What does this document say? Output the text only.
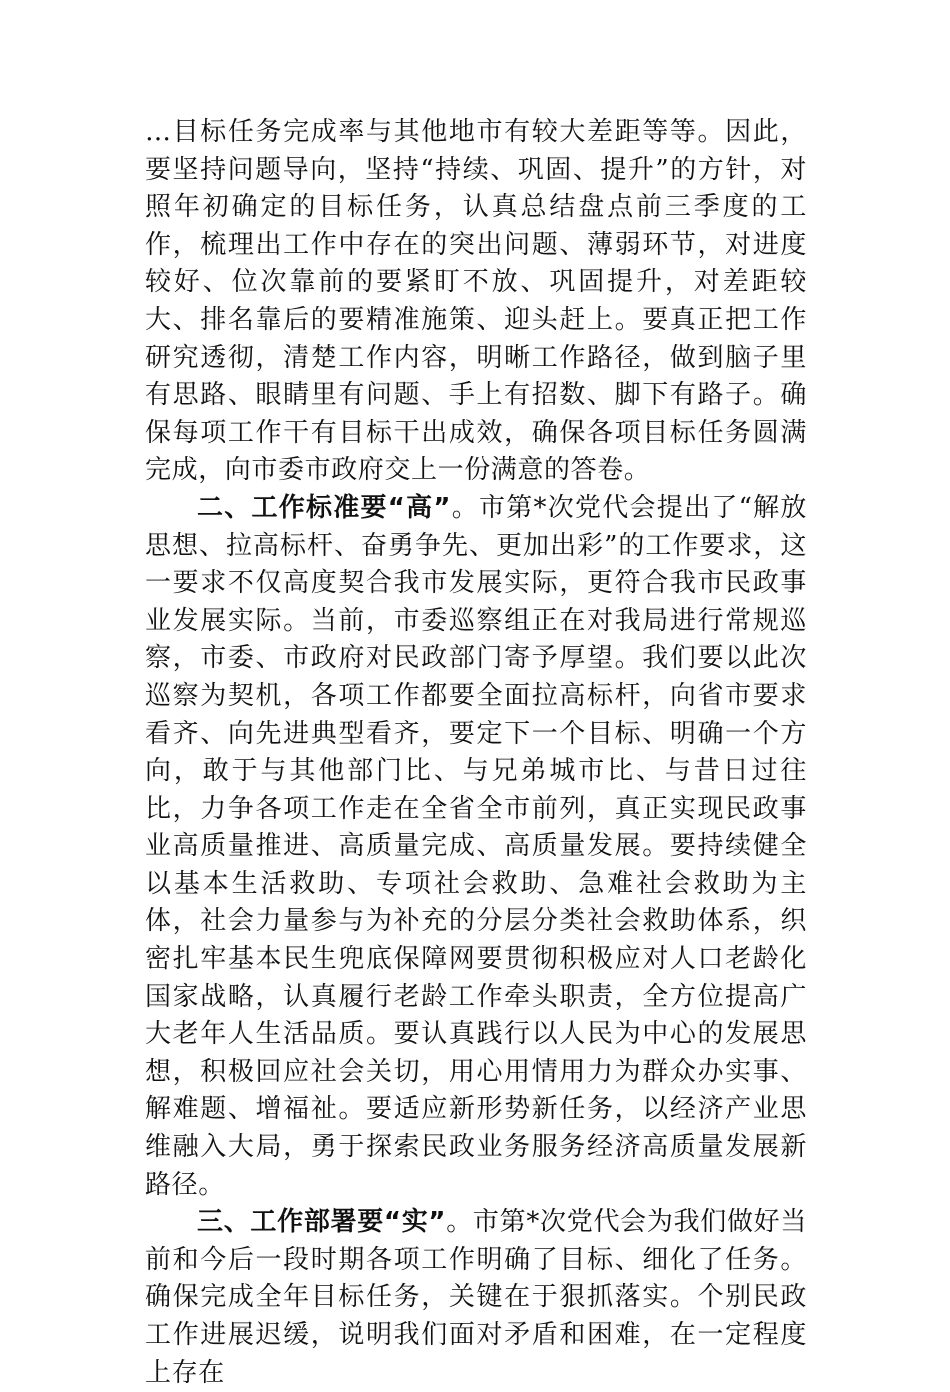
…目标任务完成率与其他地市有较大差距等等。因此，要坚持问题导向，坚持“持续、巩固、提升”的方针，对照年初确定的目标任务，认真总结盘点前三季度的工作，梳理出工作中存在的突出问题、薄弱环节，对进度较好、位次靠前的要紧盯不放、巩固提升，对差距较大、排名靠后的要精准施策、迎头赶上。要真正把工作研究透彻，清楚工作内容，明晰工作路径，做到脑子里有思路、眼睛里有问题、手上有招数、脚下有路子。确保每项工作干有目标干出成效，确保各项目标任务圆满完成，向市委市政府交上一份满意的答卷。

二、工作标准要“高”。市第*次党代会提出了“解放思想、拉高标杆、奋勇争先、更加出彩”的工作要求，这一要求不仅高度契合我市发展实际，更符合我市民政事业发展实际。当前，市委巡察组正在对我局进行常规巡察，市委、市政府对民政部门寄予厚望。我们要以此次巡察为契机，各项工作都要全面拉高标杆，向省市要求看齐、向先进典型看齐，要定下一个目标、明确一个方向，敢于与其他部门比、与兄弟城市比、与昔日过往比，力争各项工作走在全省全市前列，真正实现民政事业高质量推进、高质量完成、高质量发展。要持续健全以基本生活救助、专项社会救助、急难社会救助为主体，社会力量参与为补充的分层分类社会救助体系，织密扎牢基本民生兜底保障网要贯彻积极应对人口老龄化国家战略，认真履行老龄工作牵头职责，全方位提高广大老年人生活品质。要认真践行以人民为中心的发展思想，积极回应社会关切，用心用情用力为群众办实事、解难题、增福祉。要适应新形势新任务，以经济产业思维融入大局，勇于探索民政业务服务经济高质量发展新路径。

三、工作部署要“实”。市第*次党代会为我们做好当前和今后一段时期各项工作明确了目标、细化了任务。确保完成全年目标任务，关键在于狠抓落实。个别民政工作进展迟缓，说明我们面对矛盾和困难，在一定程度上存在
